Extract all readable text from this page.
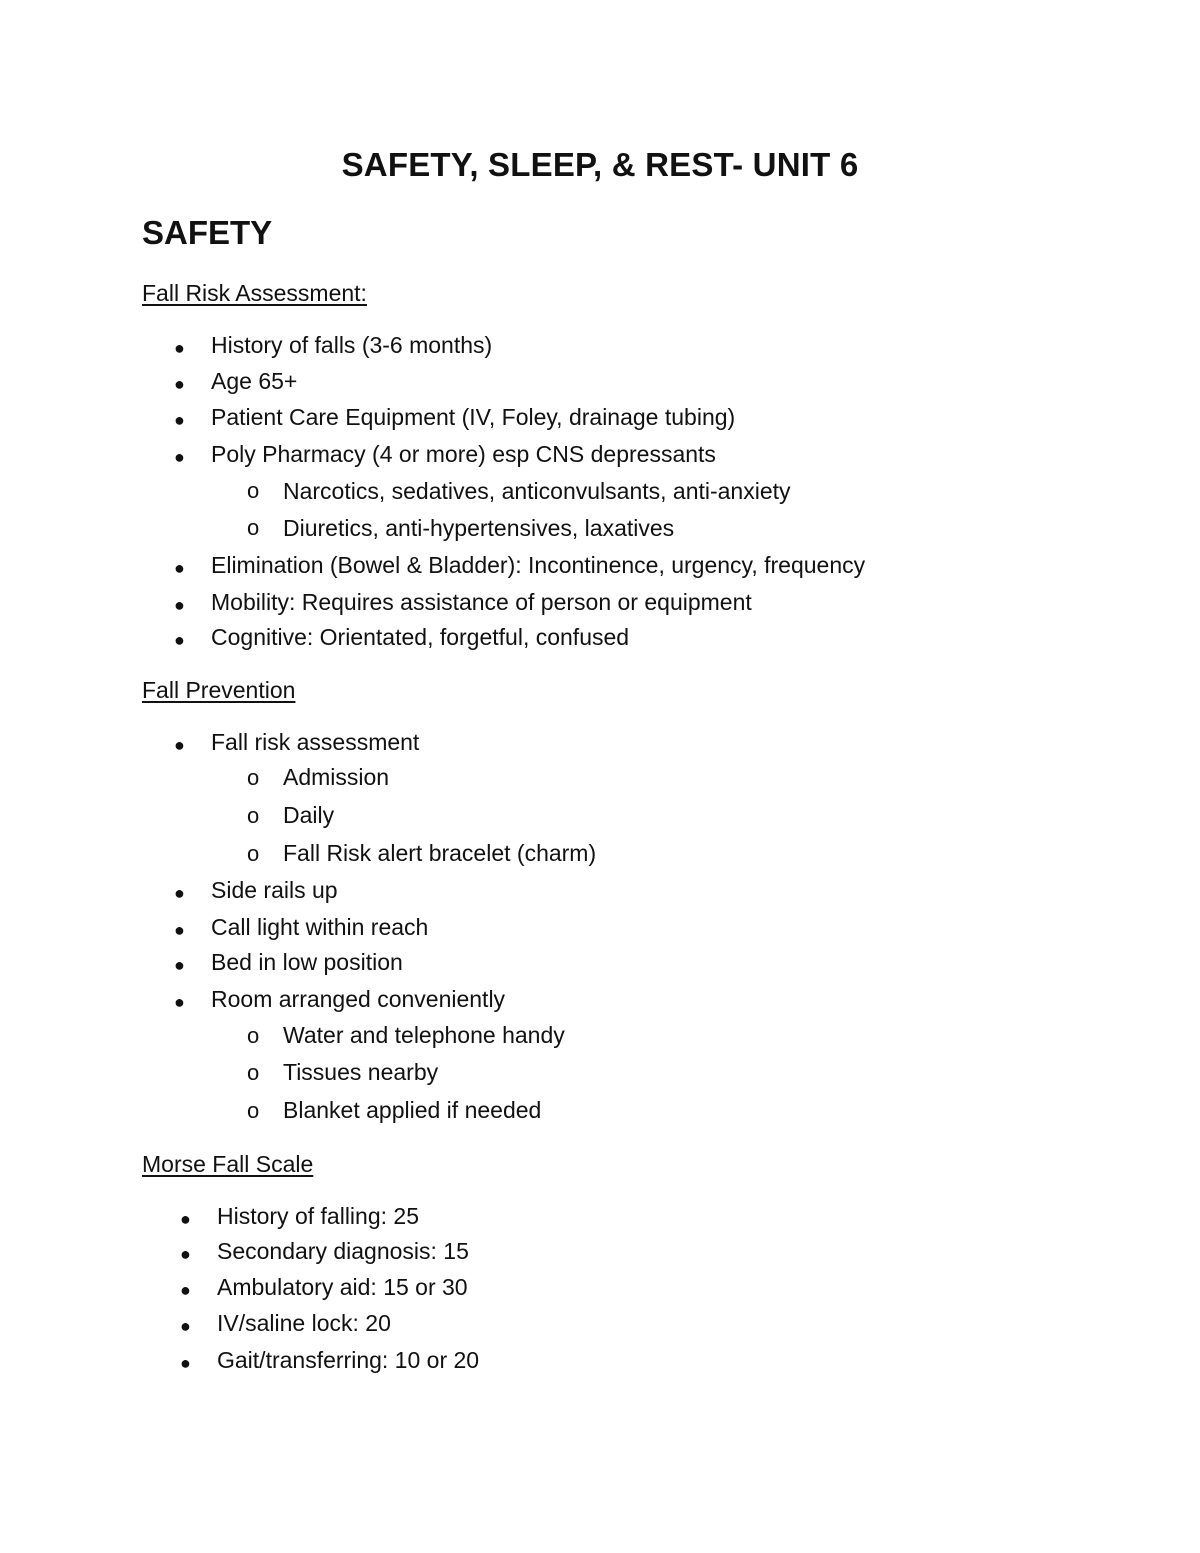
SAFETY, SLEEP, & REST- UNIT 6
SAFETY
Fall Risk Assessment:
● History of falls (3-6 months)
● Age 65+
● Patient Care Equipment (IV, Foley, drainage tubing)
● Poly Pharmacy (4 or more) esp CNS depressants
o Narcotics, sedatives, anticonvulsants, anti-anxiety
o Diuretics, anti-hypertensives, laxatives
● Elimination (Bowel & Bladder): Incontinence, urgency, frequency
● Mobility: Requires assistance of person or equipment
● Cognitive: Orientated, forgetful, confused
Fall Prevention
● Fall risk assessment
o Admission
o Daily
o Fall Risk alert bracelet (charm)
● Side rails up
● Call light within reach
● Bed in low position
● Room arranged conveniently
o Water and telephone handy
o Tissues nearby
o Blanket applied if needed
Morse Fall Scale
● History of falling: 25
● Secondary diagnosis: 15
● Ambulatory aid: 15 or 30
● IV/saline lock: 20
● Gait/transferring: 10 or 20
